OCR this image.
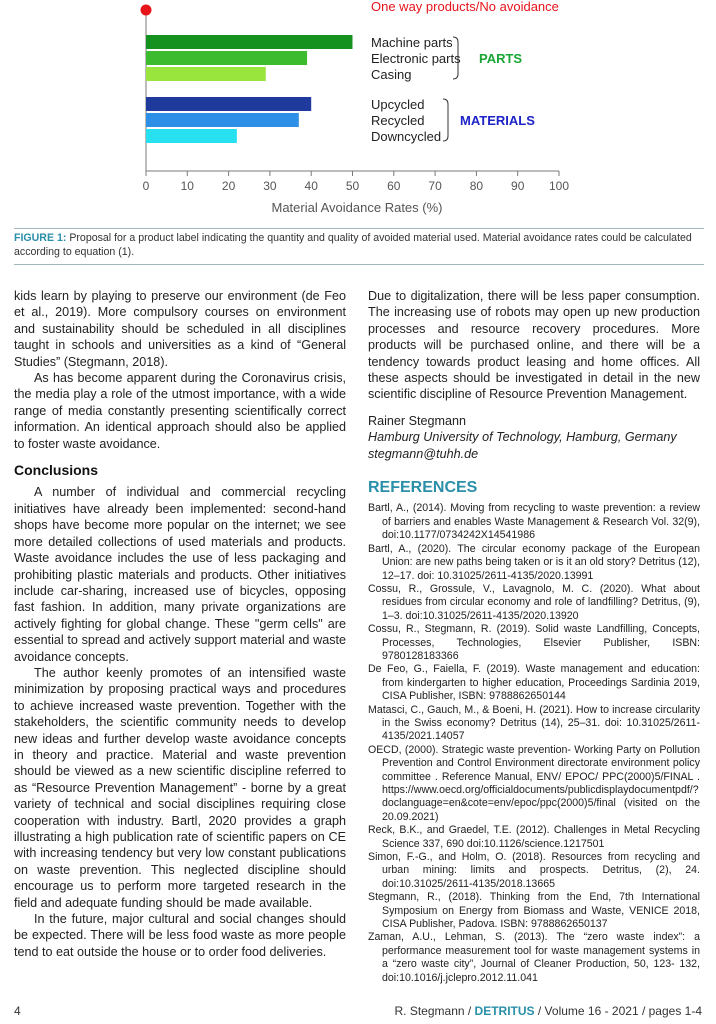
0	10 20 30 40 50 60 70 80 90 100
Material Avoidance Rates (%)
One way products/No avoidance
Machine parts
Electronic parts
Casing
PARTS
Upcycled
Recycled
Downcycled
MATERIALS
FIGURE 1: Proposal for a product label indicating the quantity and quality of avoided material used. Material avoidance rates could be calculated according to equation (1).

kids learn by playing to preserve our environment (de Feo et al., 2019). More compulsory courses on environment and sustainability should be scheduled in all disciplines taught in schools and universities as a kind of “General Studies” (Stegmann, 2018).

As has become apparent during the Coronavirus crisis, the media play a role of the utmost importance, with a wide range of media constantly presenting scientifically correct information. An identical approach should also be applied to foster waste avoidance.

Conclusions

A number of individual and commercial recycling initiatives have already been implemented: second-hand shops have become more popular on the internet; we see more detailed collections of used materials and products. Waste avoidance includes the use of less packaging and prohibiting plastic materials and products. Other initiatives include car-sharing, increased use of bicycles, opposing fast fashion. In addition, many private organizations are actively fighting for global change. These "germ cells" are essential to spread and actively support material and waste avoidance concepts.

The author keenly promotes of an intensified waste minimization by proposing practical ways and procedures to achieve increased waste prevention. Together with the stakeholders, the scientific community needs to develop new ideas and further develop waste avoidance concepts in theory and practice. Material and waste prevention should be viewed as a new scientific discipline referred to as “Resource Prevention Management” - borne by a great variety of technical and social disciplines requiring close cooperation with industry. Bartl, 2020 provides a graph illustrating a high publication rate of scientific papers on CE with increasing tendency but very low constant publications on waste prevention. This neglected discipline should encourage us to perform more targeted research in the field and adequate funding should be made available.

In the future, major cultural and social changes should be expected. There will be less food waste as more people tend to eat outside the house or to order food deliveries.

Due to digitalization, there will be less paper consumption. The increasing use of robots may open up new production processes and resource recovery procedures. More products will be purchased online, and there will be a tendency towards product leasing and home offices. All these aspects should be investigated in detail in the new scientific discipline of Resource Prevention Management.

Rainer Stegmann
Hamburg University of Technology, Hamburg, Germany
stegmann@tuhh.de
REFERENCES

Bartl, A., (2014). Moving from recycling to waste prevention: a review of barriers and enables Waste Management & Research Vol. 32(9), doi:10.1177/0734242X14541986

Bartl, A., (2020). The circular economy package of the European Union: are new paths being taken or is it an old story? Detritus (12), 12–17. doi: 10.31025/2611-4135/2020.13991

Cossu, R., Grossule, V., Lavagnolo, M. C. (2020). What about residues from circular economy and role of landfilling? Detritus, (9), 1–3. doi:10.31025/2611-4135/2020.13920

Cossu, R., Stegmann, R. (2019). Solid waste Landfilling, Concepts, Processes, Technologies, Elsevier Publisher, ISBN: 9780128183366

De Feo, G., Faiella, F. (2019). Waste management and education: from kindergarten to higher education, Proceedings Sardinia 2019, CISA Publisher, ISBN: 9788862650144

Matasci, C., Gauch, M., & Boeni, H. (2021). How to increase circularity in the Swiss economy? Detritus (14), 25–31. doi: 10.31025/2611-4135/2021.14057

OECD, (2000). Strategic waste prevention- Working Party on Pollution Prevention and Control Environment directorate environment policy committee . Reference Manual, ENV/ EPOC/ PPC(2000)5/FINAL . https://www.oecd.org/officialdocuments/publicdisplaydocumentpdf/?doclanguage=en&cote=env/epoc/ppc(2000)5/final (visited on the 20.09.2021)

Reck, B.K., and Graedel, T.E. (2012). Challenges in Metal Recycling Science 337, 690 doi:10.1126/science.1217501

Simon, F.-G., and Holm, O. (2018). Resources from recycling and urban mining: limits and prospects. Detritus, (2), 24. doi:10.31025/2611-4135/2018.13665

Stegmann, R., (2018). Thinking from the End, 7th International Symposium on Energy from Biomass and Waste, VENICE 2018, CISA Publisher, Padova. ISBN: 9788862650137

Zaman, A.U., Lehman, S. (2013). The “zero waste index”: a performance measurement tool for waste management systems in a “zero waste city”, Journal of Cleaner Production, 50, 123- 132, doi:10.1016/j.jclepro.2012.11.041

4	R. Stegmann / DETRITUS / Volume 16 - 2021 / pages 1-4
